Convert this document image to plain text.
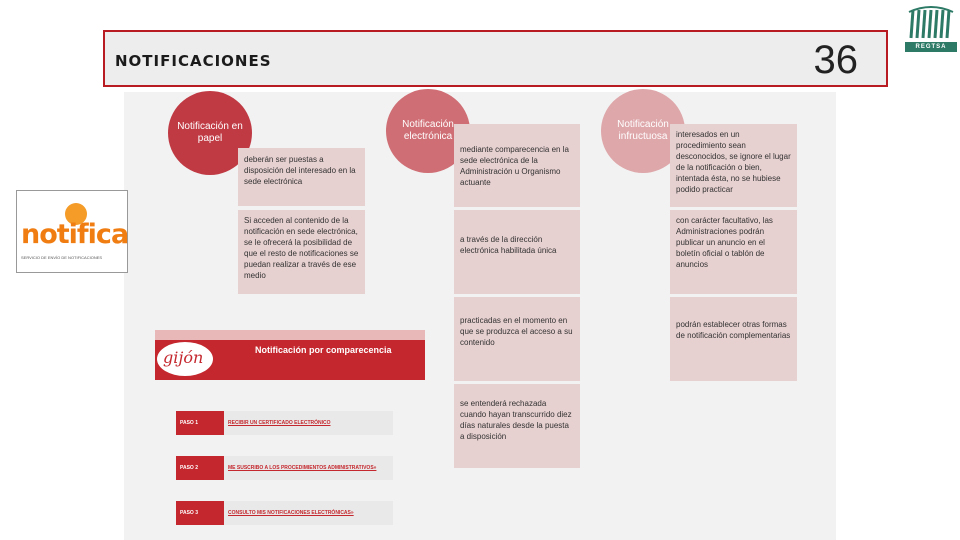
NOTIFICACIONES	36	REGTSA
notifica
SERVICIO DE ENVÍO DE NOTIFICACIONES
Notificación en papel
deberán ser puestas a disposición del interesado en la sede electrónica
Si acceden al contenido de la notificación en sede electrónica, se le ofrecerá la posibilidad de que el resto de notificaciones se puedan realizar a través de ese medio
Notificación electrónica
mediante comparecencia en la sede electrónica de la Administración u Organismo actuante
a través de la dirección electrónica habilitada única
practicadas en el momento en que se produzca el acceso a su contenido
se entenderá rechazada cuando hayan transcurrido diez días naturales desde la puesta a disposición
Notificación infructuosa	interesados en un procedimiento sean desconocidos, se ignore el lugar de la notificación o bien, intentada ésta, no se hubiese podido practicar
con carácter facultativo, las Administraciones podrán publicar un anuncio en el boletín oficial o tablón de anuncios
podrán establecer otras formas de notificación complementarias
gijón	Notificación por comparecencia
PASO 1	RECIBIR UN CERTIFICADO ELECTRÓNICO
PASO 2	ME SUSCRIBO A LOS PROCEDIMIENTOS ADMINISTRATIVOS»
PASO 3	CONSULTO MIS NOTIFICACIONES ELECTRÓNICAS»
